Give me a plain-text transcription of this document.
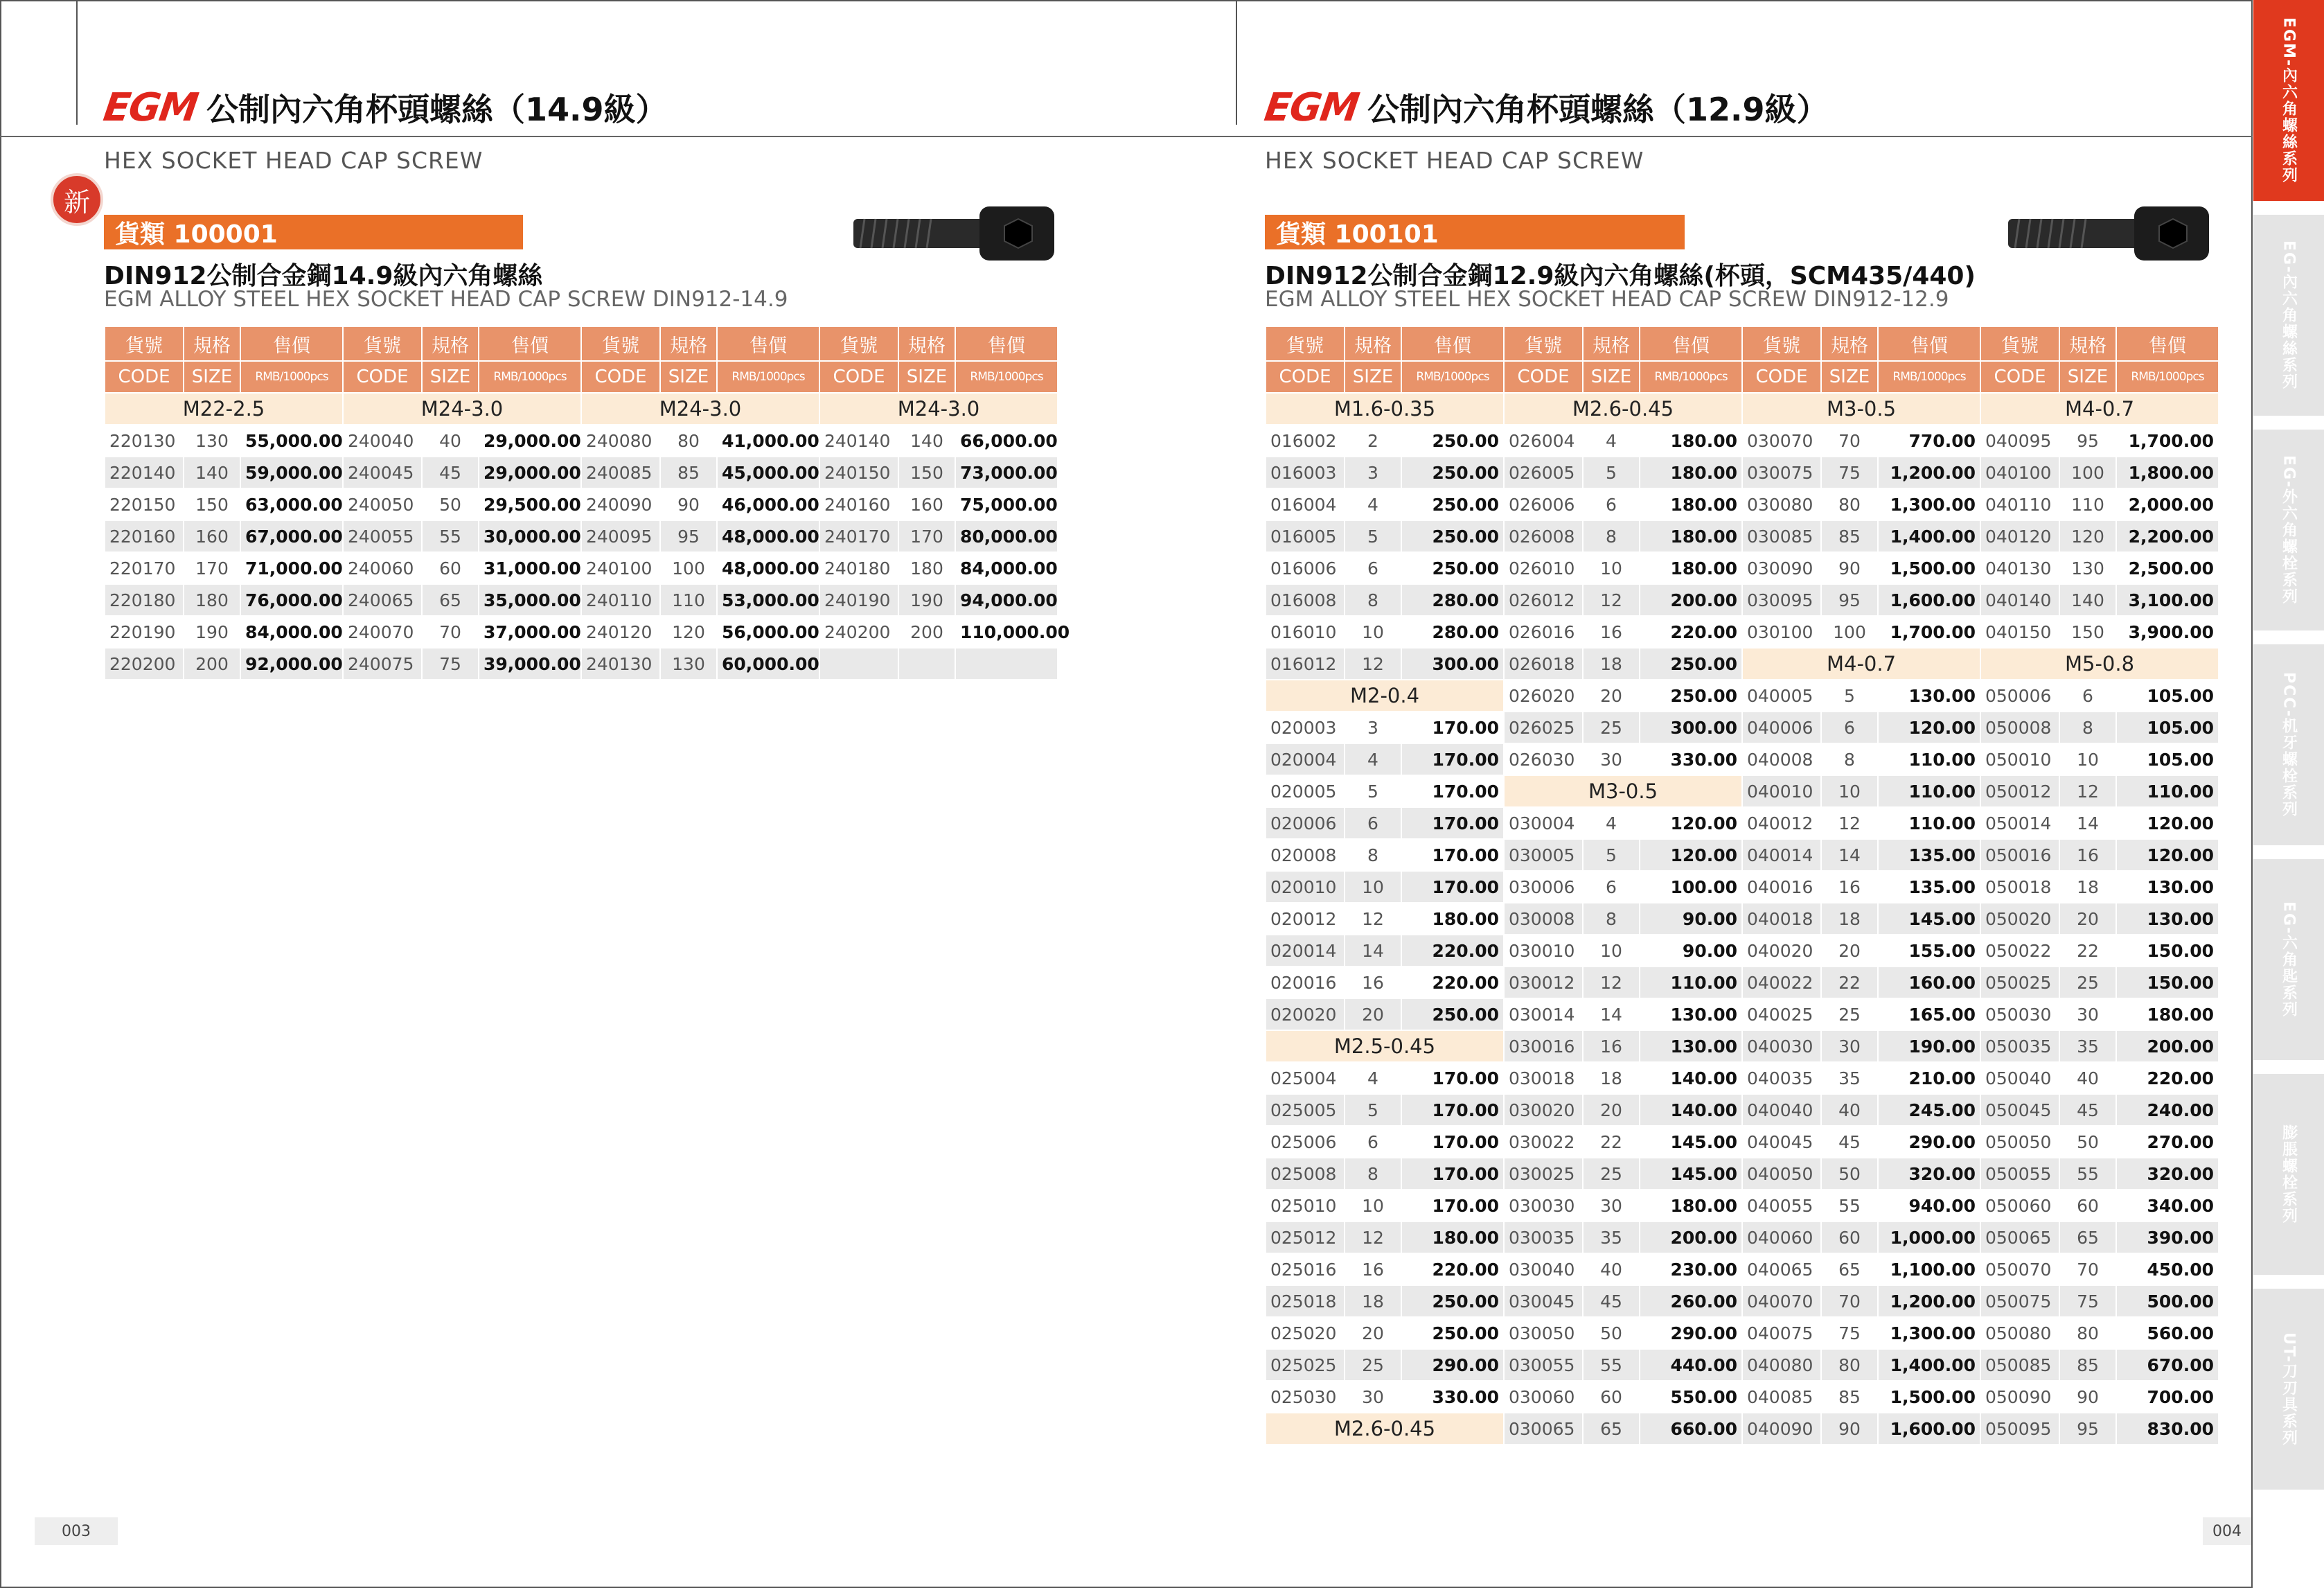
EGM 公制內六角杯頭螺絲（14.9級）
HEX SOCKET HEAD CAP SCREW
新
貨類 100001
DIN912公制合金鋼14.9級內六角螺絲
EGM ALLOY STEEL HEX SOCKET HEAD CAP SCREW DIN912-14.9
貨號	規格	售價	貨號	規格	售價	貨號	規格	售價	貨號	規格	售價
CODE	SIZE	RMB/1000pcs	CODE	SIZE	RMB/1000pcs	CODE	SIZE	RMB/1000pcs	CODE	SIZE	RMB/1000pcs
M22-2.5			M24-3.0			M24-3.0			M24-3.0		
220130	130	55,000.00	240040	40	29,000.00	240080	80	41,000.00	240140	140	66,000.00
220140	140	59,000.00	240045	45	29,000.00	240085	85	45,000.00	240150	150	73,000.00
220150	150	63,000.00	240050	50	29,500.00	240090	90	46,000.00	240160	160	75,000.00
220160	160	67,000.00	240055	55	30,000.00	240095	95	48,000.00	240170	170	80,000.00
220170	170	71,000.00	240060	60	31,000.00	240100	100	48,000.00	240180	180	84,000.00
220180	180	76,000.00	240065	65	35,000.00	240110	110	53,000.00	240190	190	94,000.00
220190	190	84,000.00	240070	70	37,000.00	240120	120	56,000.00	240200	200	110,000.00
220200	200	92,000.00	240075	75	39,000.00	240130	130	60,000.00			
003
EGM 公制內六角杯頭螺絲（12.9級）
HEX SOCKET HEAD CAP SCREW
貨類 100101
DIN912公制合金鋼12.9級內六角螺絲(杯頭，SCM435/440)
EGM ALLOY STEEL HEX SOCKET HEAD CAP SCREW DIN912-12.9
貨號	規格	售價	貨號	規格	售價	貨號	規格	售價	貨號	規格	售價
CODE	SIZE	RMB/1000pcs	CODE	SIZE	RMB/1000pcs	CODE	SIZE	RMB/1000pcs	CODE	SIZE	RMB/1000pcs
M1.6-0.35			M2.6-0.45			M3-0.5			M4-0.7		
016002	2	250.00	026004	4	180.00	030070	70	770.00	040095	95	1,700.00
016003	3	250.00	026005	5	180.00	030075	75	1,200.00	040100	100	1,800.00
016004	4	250.00	026006	6	180.00	030080	80	1,300.00	040110	110	2,000.00
016005	5	250.00	026008	8	180.00	030085	85	1,400.00	040120	120	2,200.00
016006	6	250.00	026010	10	180.00	030090	90	1,500.00	040130	130	2,500.00
016008	8	280.00	026012	12	200.00	030095	95	1,600.00	040140	140	3,100.00
016010	10	280.00	026016	16	220.00	030100	100	1,700.00	040150	150	3,900.00
016012	12	300.00	026018	18	250.00	M4-0.7			M5-0.8		
M2-0.4			026020	20	250.00	040005	5	130.00	050006	6	105.00
020003	3	170.00	026025	25	300.00	040006	6	120.00	050008	8	105.00
020004	4	170.00	026030	30	330.00	040008	8	110.00	050010	10	105.00
020005	5	170.00	M3-0.5			040010	10	110.00	050012	12	110.00
020006	6	170.00	030004	4	120.00	040012	12	110.00	050014	14	120.00
020008	8	170.00	030005	5	120.00	040014	14	135.00	050016	16	120.00
020010	10	170.00	030006	6	100.00	040016	16	135.00	050018	18	130.00
020012	12	180.00	030008	8	90.00	040018	18	145.00	050020	20	130.00
020014	14	220.00	030010	10	90.00	040020	20	155.00	050022	22	150.00
020016	16	220.00	030012	12	110.00	040022	22	160.00	050025	25	150.00
020020	20	250.00	030014	14	130.00	040025	25	165.00	050030	30	180.00
M2.5-0.45			030016	16	130.00	040030	30	190.00	050035	35	200.00
025004	4	170.00	030018	18	140.00	040035	35	210.00	050040	40	220.00
025005	5	170.00	030020	20	140.00	040040	40	245.00	050045	45	240.00
025006	6	170.00	030022	22	145.00	040045	45	290.00	050050	50	270.00
025008	8	170.00	030025	25	145.00	040050	50	320.00	050055	55	320.00
025010	10	170.00	030030	30	180.00	040055	55	940.00	050060	60	340.00
025012	12	180.00	030035	35	200.00	040060	60	1,000.00	050065	65	390.00
025016	16	220.00	030040	40	230.00	040065	65	1,100.00	050070	70	450.00
025018	18	250.00	030045	45	260.00	040070	70	1,200.00	050075	75	500.00
025020	20	250.00	030050	50	290.00	040075	75	1,300.00	050080	80	560.00
025025	25	290.00	030055	55	440.00	040080	80	1,400.00	050085	85	670.00
025030	30	330.00	030060	60	550.00	040085	85	1,500.00	050090	90	700.00
M2.6-0.45			030065	65	660.00	040090	90	1,600.00	050095	95	830.00
004
EGM-內六角螺絲系列
EG-內六角螺絲系列
EG-外六角螺栓系列
PCC-机牙螺栓系列
EG-六角匙系列
膨脹螺栓系列
UT-刀刃具系列
